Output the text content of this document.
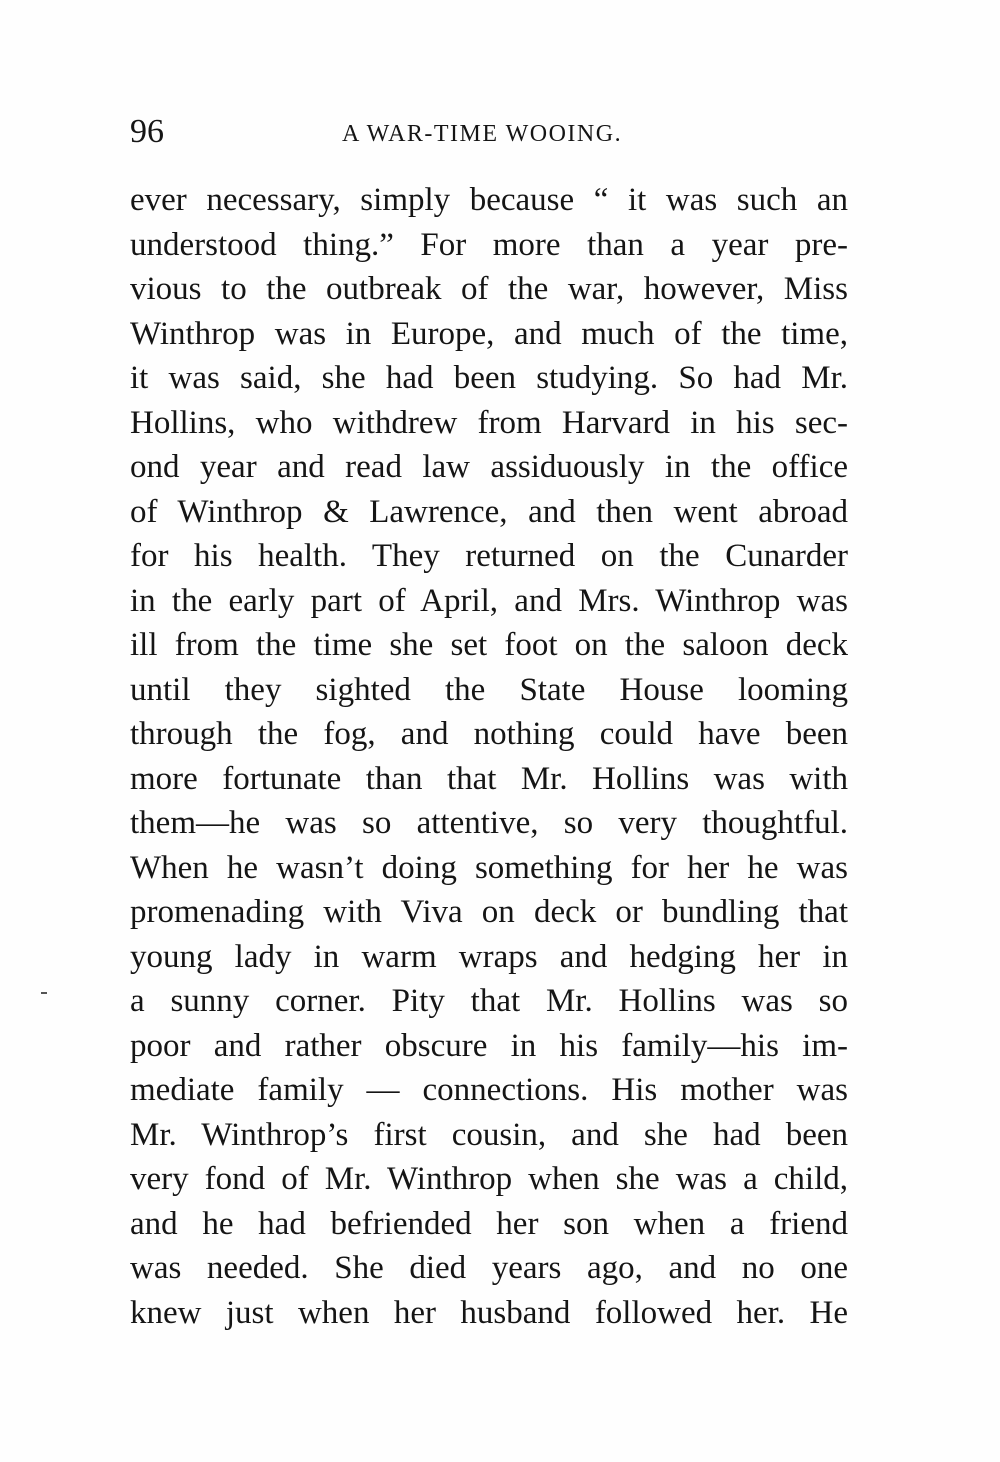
96	A WAR-TIME WOOING.
ever necessary, simply because “ it was such an
understood thing.” For more than a year pre-
vious to the outbreak of the war, however, Miss
Winthrop was in Europe, and much of the time,
it was said, she had been studying. So had Mr.
Hollins, who withdrew from Harvard in his sec-
ond year and read law assiduously in the office
of Winthrop & Lawrence, and then went abroad
for his health. They returned on the Cunarder
in the early part of April, and Mrs. Winthrop was
ill from the time she set foot on the saloon deck
until they sighted the State House looming
through the fog, and nothing could have been
more fortunate than that Mr. Hollins was with
them—he was so attentive, so very thoughtful.
When he wasn’t doing something for her he was
promenading with Viva on deck or bundling that
young lady in warm wraps and hedging her in
a sunny corner. Pity that Mr. Hollins was so
poor and rather obscure in his family—his im-
mediate family — connections. His mother was
Mr. Winthrop’s first cousin, and she had been
very fond of Mr. Winthrop when she was a child,
and he had befriended her son when a friend
was needed. She died years ago, and no one
knew just when her husband followed her. He
